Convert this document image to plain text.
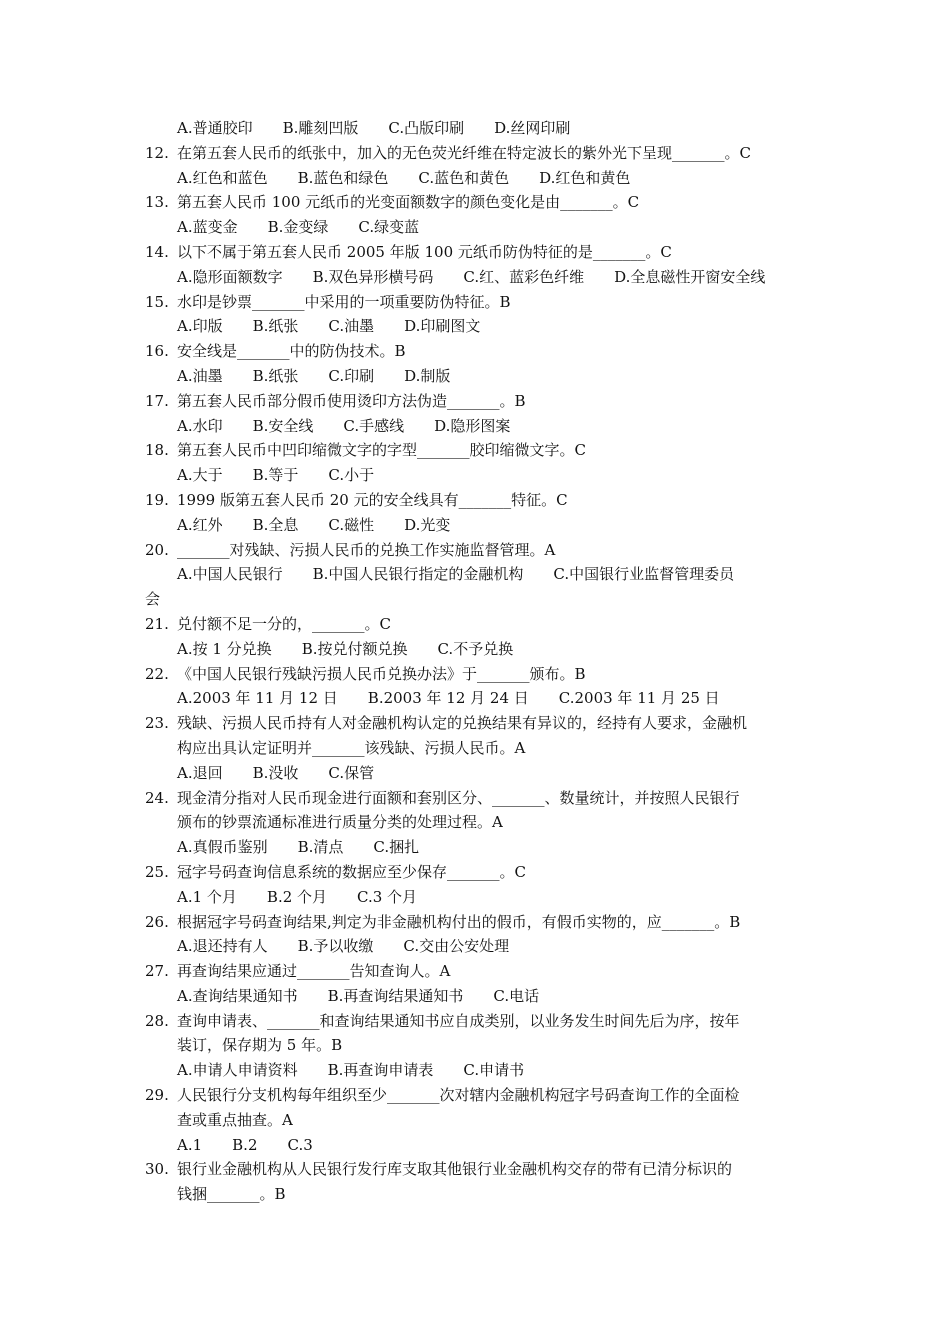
A.普通胶印 B.雕刻凹版 C.凸版印刷 D.丝网印刷
12. 在第五套人民币的纸张中，加入的无色荧光纤维在特定波长的紫外光下呈现_______。C
A.红色和蓝色 B.蓝色和绿色 C.蓝色和黄色 D.红色和黄色
13. 第五套人民币 100 元纸币的光变面额数字的颜色变化是由_______。C
A.蓝变金 B.金变绿 C.绿变蓝
14. 以下不属于第五套人民币 2005 年版 100 元纸币防伪特征的是_______。C
A.隐形面额数字 B.双色异形横号码 C.红、蓝彩色纤维 D.全息磁性开窗安全线
15. 水印是钞票_______中采用的一项重要防伪特征。B
A.印版 B.纸张 C.油墨 D.印刷图文
16. 安全线是_______中的防伪技术。B
A.油墨 B.纸张 C.印刷 D.制版
17. 第五套人民币部分假币使用烫印方法伪造_______。B
A.水印 B.安全线 C.手感线 D.隐形图案
18. 第五套人民币中凹印缩微文字的字型_______胶印缩微文字。C
A.大于 B.等于 C.小于
19. 1999 版第五套人民币 20 元的安全线具有_______特征。C
A.红外 B.全息 C.磁性 D.光变
20. _______对残缺、污损人民币的兑换工作实施监督管理。A
A.中国人民银行 B.中国人民银行指定的金融机构 C.中国银行业监督管理委员
会
21. 兑付额不足一分的，_______。C
A.按 1 分兑换 B.按兑付额兑换 C.不予兑换
22. 《中国人民银行残缺污损人民币兑换办法》于_______颁布。B
A.2003 年 11 月 12 日 B.2003 年 12 月 24 日 C.2003 年 11 月 25 日
23. 残缺、污损人民币持有人对金融机构认定的兑换结果有异议的，经持有人要求，金融机
构应出具认定证明并_______该残缺、污损人民币。A
A.退回 B.没收 C.保管
24. 现金清分指对人民币现金进行面额和套别区分、_______、数量统计，并按照人民银行
颁布的钞票流通标准进行质量分类的处理过程。A
A.真假币鉴别 B.清点 C.捆扎
25. 冠字号码查询信息系统的数据应至少保存_______。C
A.1 个月 B.2 个月 C.3 个月
26. 根据冠字号码查询结果,判定为非金融机构付出的假币，有假币实物的，应_______。B
A.退还持有人 B.予以收缴 C.交由公安处理
27. 再查询结果应通过_______告知查询人。A
A.查询结果通知书 B.再查询结果通知书 C.电话
28. 查询申请表、_______和查询结果通知书应自成类别，以业务发生时间先后为序，按年
装订，保存期为 5 年。B
A.申请人申请资料 B.再查询申请表 C.申请书
29. 人民银行分支机构每年组织至少_______次对辖内金融机构冠字号码查询工作的全面检
查或重点抽查。A
A.1 B.2 C.3
30. 银行业金融机构从人民银行发行库支取其他银行业金融机构交存的带有已清分标识的
钱捆_______。B
